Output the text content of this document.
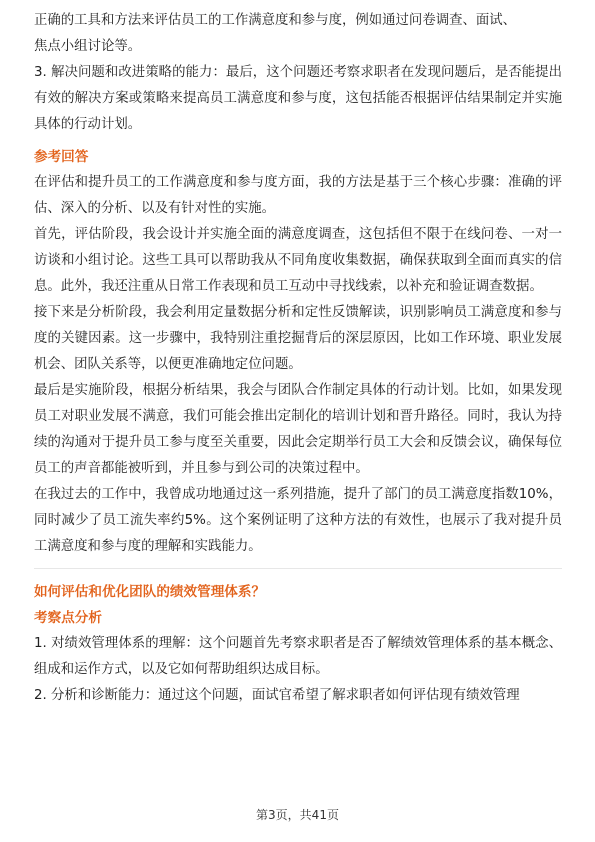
正确的工具和方法来评估员工的工作满意度和参与度，例如通过问卷调查、面试、
焦点小组讨论等。

3. 解决问题和改进策略的能力：最后，这个问题还考察求职者在发现问题后，是否能提出有效的解决方案或策略来提高员工满意度和参与度，这包括能否根据评估结果制定并实施具体的行动计划。

参考回答

在评估和提升员工的工作满意度和参与度方面，我的方法是基于三个核心步骤：准确的评估、深入的分析、以及有针对性的实施。

首先，评估阶段，我会设计并实施全面的满意度调查，这包括但不限于在线问卷、一对一访谈和小组讨论。这些工具可以帮助我从不同角度收集数据，确保获取到全面而真实的信息。此外，我还注重从日常工作表现和员工互动中寻找线索，以补充和验证调查数据。

接下来是分析阶段，我会利用定量数据分析和定性反馈解读，识别影响员工满意度和参与度的关键因素。这一步骤中，我特别注重挖掘背后的深层原因，比如工作环境、职业发展机会、团队关系等，以便更准确地定位问题。

最后是实施阶段，根据分析结果，我会与团队合作制定具体的行动计划。比如，如果发现员工对职业发展不满意，我们可能会推出定制化的培训计划和晋升路径。同时，我认为持续的沟通对于提升员工参与度至关重要，因此会定期举行员工大会和反馈会议，确保每位员工的声音都能被听到，并且参与到公司的决策过程中。

在我过去的工作中，我曾成功地通过这一系列措施，提升了部门的员工满意度指数10%，同时减少了员工流失率约5%。这个案例证明了这种方法的有效性，也展示了我对提升员工满意度和参与度的理解和实践能力。

如何评估和优化团队的绩效管理体系？

考察点分析

1. 对绩效管理体系的理解：这个问题首先考察求职者是否了解绩效管理体系的基本概念、组成和运作方式，以及它如何帮助组织达成目标。

2. 分析和诊断能力：通过这个问题，面试官希望了解求职者如何评估现有绩效管理

第3页，共41页
